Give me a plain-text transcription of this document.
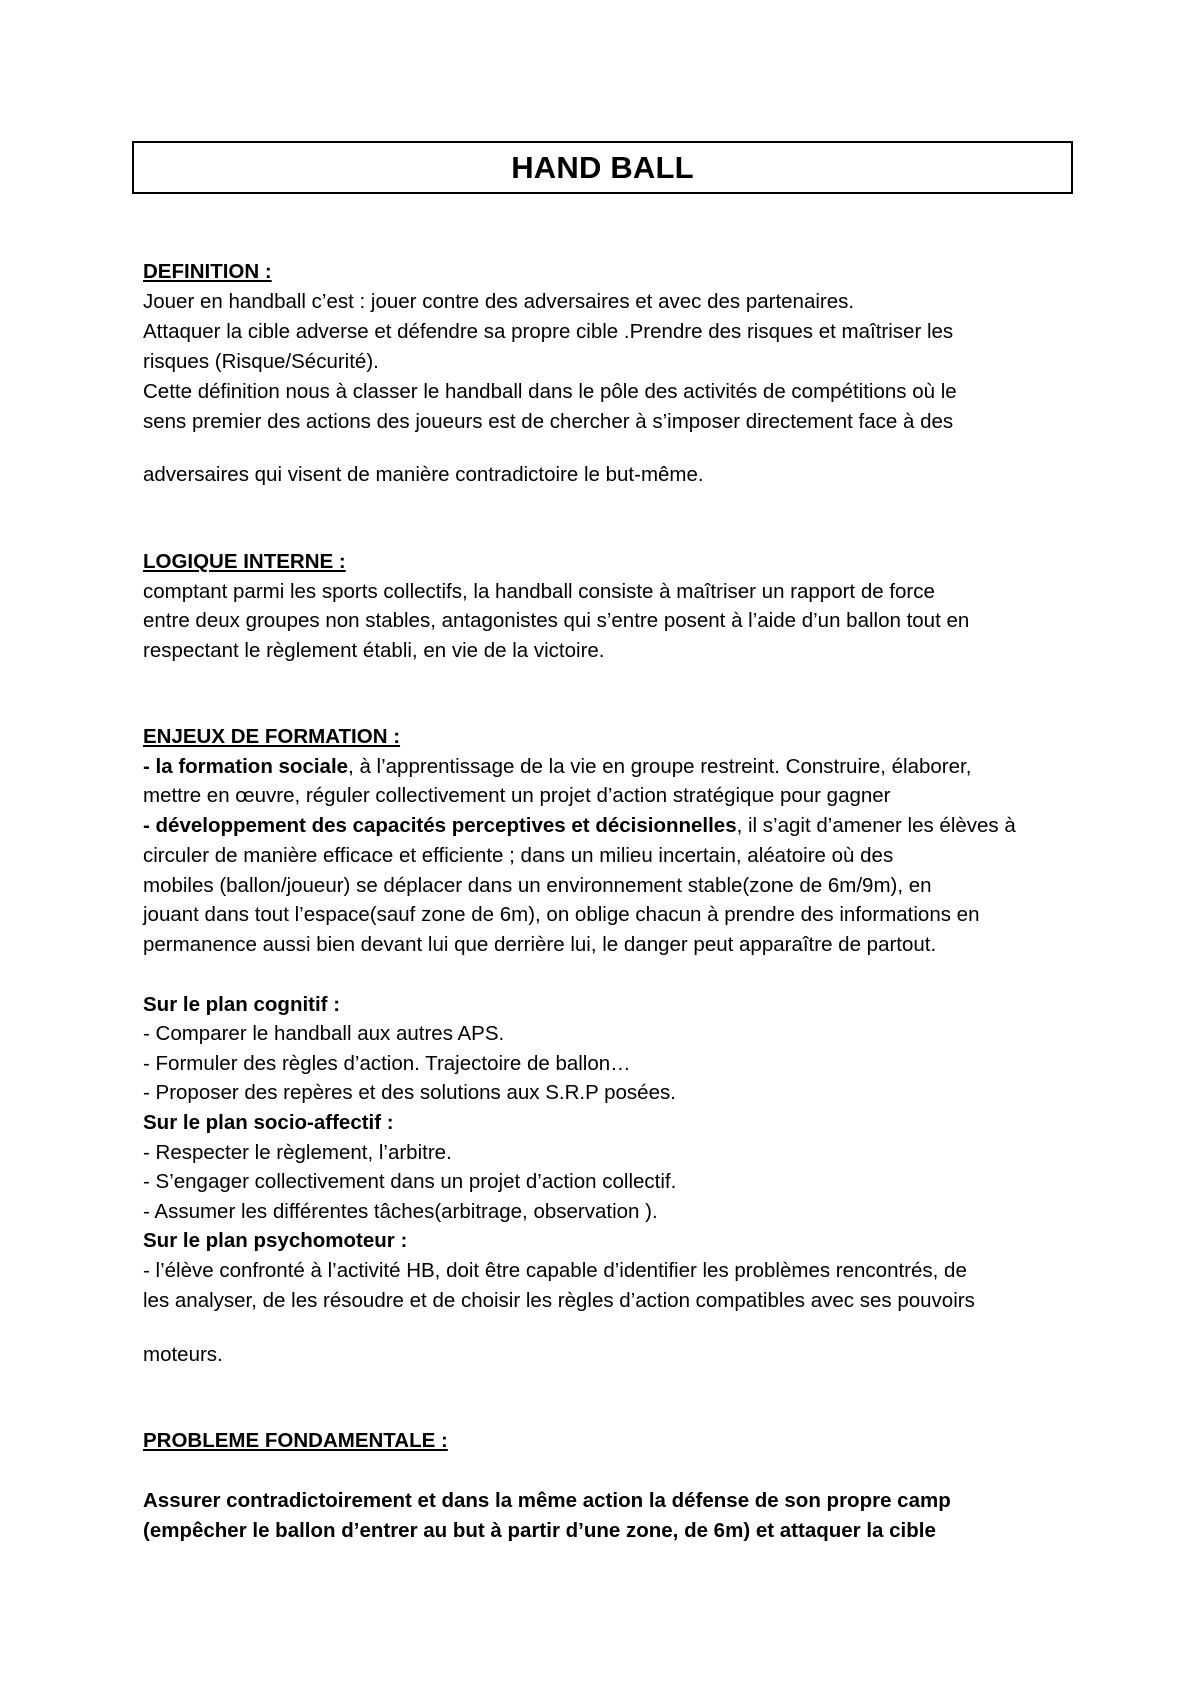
HAND BALL
DEFINITION :
Jouer en handball c’est : jouer contre des adversaires et avec des partenaires.
Attaquer la cible adverse et défendre sa propre cible .Prendre des risques et maîtriser les
risques (Risque/Sécurité).
Cette définition nous à classer le handball dans le pôle des activités de compétitions où le
sens premier des actions des joueurs est de chercher à s’imposer directement face à des
adversaires qui visent de manière contradictoire le but-même.
LOGIQUE INTERNE :
comptant parmi les sports collectifs, la handball consiste à maîtriser un rapport de force
entre deux groupes non stables, antagonistes qui s’entre posent à l’aide d’un ballon tout en
respectant le règlement établi, en vie de la victoire.
ENJEUX DE FORMATION :
- la formation sociale, à l’apprentissage de la vie en groupe restreint. Construire, élaborer,
mettre en œuvre, réguler collectivement un projet d’action stratégique pour gagner
- développement des capacités perceptives et décisionnelles, il s’agit d’amener les élèves à
circuler de manière efficace et efficiente ; dans un milieu incertain, aléatoire où des
mobiles (ballon/joueur) se déplacer dans un environnement stable(zone de 6m/9m), en
jouant dans tout l’espace(sauf zone de 6m), on oblige chacun à prendre des informations en
permanence aussi bien devant lui que derrière lui, le danger peut apparaître de partout.
Sur le plan cognitif :
- Comparer le handball aux autres APS.
- Formuler des règles d’action. Trajectoire de ballon…
- Proposer des repères et des solutions aux S.R.P posées.
Sur le plan socio-affectif :
- Respecter le règlement, l’arbitre.
- S’engager collectivement dans un projet d’action collectif.
- Assumer les différentes tâches(arbitrage, observation ).
Sur le plan psychomoteur :
- l’élève confronté à l’activité HB, doit être capable d’identifier les problèmes rencontrés, de
les analyser, de les résoudre et de choisir les règles d’action compatibles avec ses pouvoirs
moteurs.
PROBLEME FONDAMENTALE :
Assurer contradictoirement et dans la même action la défense de son propre camp
(empêcher le ballon d’entrer au but à partir d’une zone, de 6m) et attaquer la cible
